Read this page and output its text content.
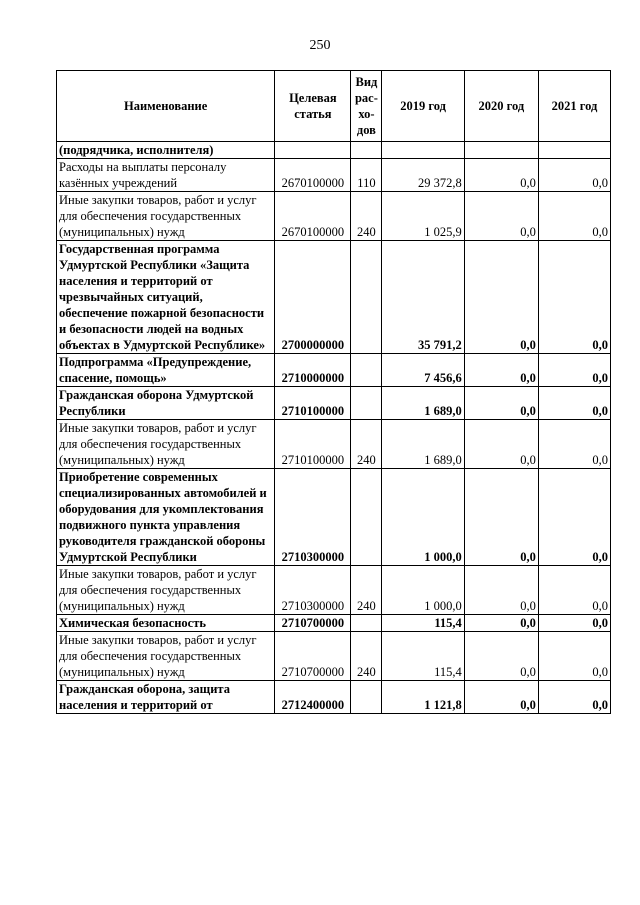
250
Наименование	Целевая статья	Вид рас-хо-дов	2019 год	2020 год	2021 год
(подрядчика, исполнителя)					
Расходы на выплаты персоналу казённых учреждений	2670100000	110	29 372,8	0,0	0,0
Иные закупки товаров, работ и услуг для обеспечения государственных (муниципальных) нужд	2670100000	240	1 025,9	0,0	0,0
Государственная программа Удмуртской Республики «Защита населения и территорий от чрезвычайных ситуаций, обеспечение пожарной безопасности и безопасности людей на водных объектах в Удмуртской Республике»	2700000000		35 791,2	0,0	0,0
Подпрограмма «Предупреждение, спасение, помощь»	2710000000		7 456,6	0,0	0,0
Гражданская оборона Удмуртской Республики	2710100000		1 689,0	0,0	0,0
Иные закупки товаров, работ и услуг для обеспечения государственных (муниципальных) нужд	2710100000	240	1 689,0	0,0	0,0
Приобретение современных специализированных автомобилей и оборудования для укомплектования подвижного пункта управления руководителя гражданской обороны Удмуртской Республики	2710300000		1 000,0	0,0	0,0
Иные закупки товаров, работ и услуг для обеспечения государственных (муниципальных) нужд	2710300000	240	1 000,0	0,0	0,0
Химическая безопасность	2710700000		115,4	0,0	0,0
Иные закупки товаров, работ и услуг для обеспечения государственных (муниципальных) нужд	2710700000	240	115,4	0,0	0,0
Гражданская оборона, защита населения и территорий от	2712400000		1 121,8	0,0	0,0
